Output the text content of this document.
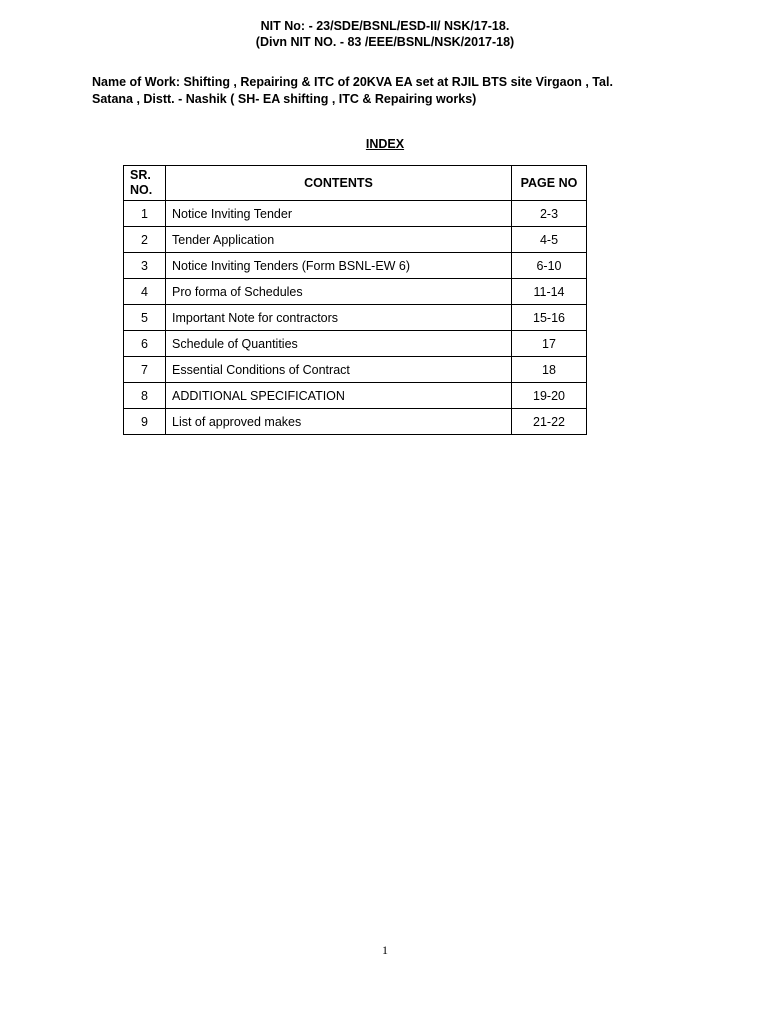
NIT No: - 23/SDE/BSNL/ESD-II/ NSK/17-18.
(Divn NIT NO. - 83 /EEE/BSNL/NSK/2017-18)
Name of Work: Shifting , Repairing & ITC of 20KVA EA set at RJIL BTS site Virgaon , Tal.
Satana , Distt. - Nashik ( SH- EA shifting , ITC & Repairing works)
INDEX
SR.
NO.	CONTENTS	PAGE NO
1	Notice Inviting Tender	2-3
2	Tender Application	4-5
3	Notice Inviting Tenders (Form BSNL-EW 6)	6-10
4	Pro forma of Schedules	11-14
5	Important Note for contractors	15-16
6	Schedule of Quantities	17
7	Essential Conditions of Contract	18
8	ADDITIONAL SPECIFICATION	19-20
9	List of approved makes	21-22
1
